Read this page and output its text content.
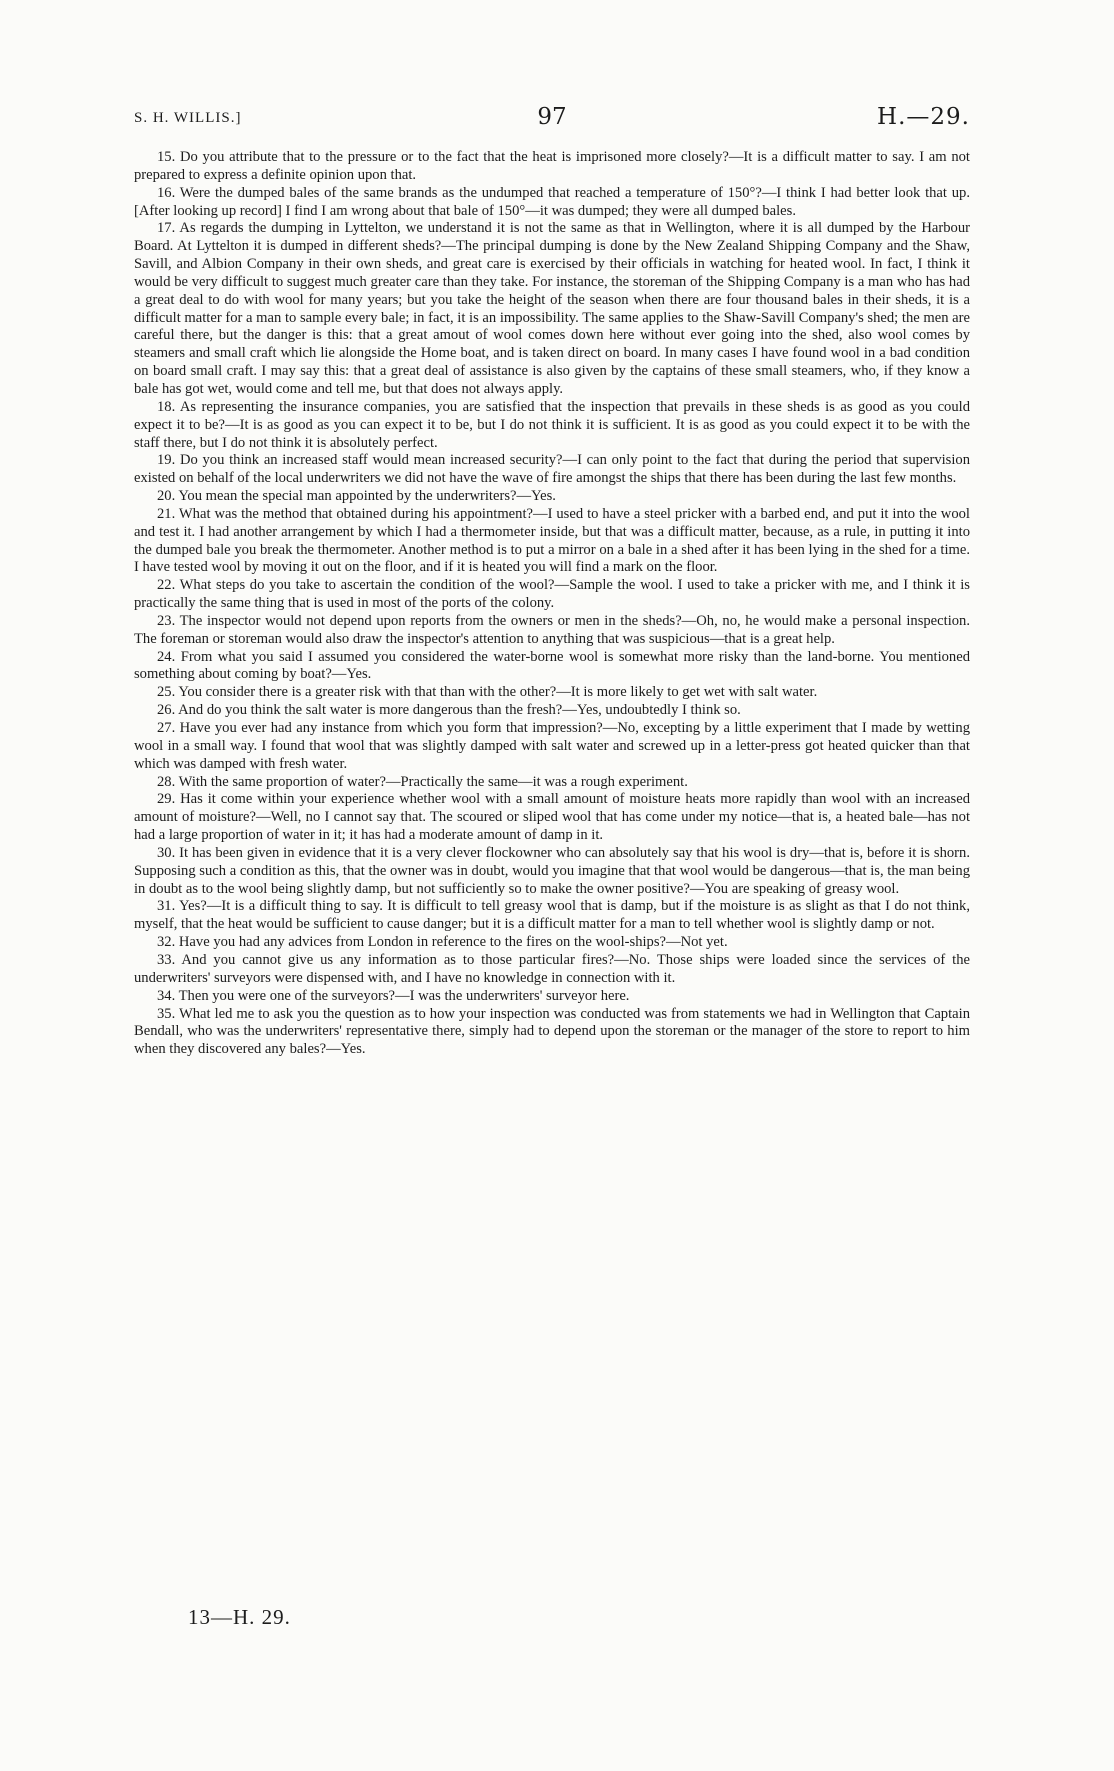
S. H. WILLIS.]	97	H.—29.

15. Do you attribute that to the pressure or to the fact that the heat is imprisoned more closely?—It is a difficult matter to say. I am not prepared to express a definite opinion upon that.

16. Were the dumped bales of the same brands as the undumped that reached a temperature of 150°?—I think I had better look that up. [After looking up record] I find I am wrong about that bale of 150°—it was dumped; they were all dumped bales.

17. As regards the dumping in Lyttelton, we understand it is not the same as that in Wellington, where it is all dumped by the Harbour Board. At Lyttelton it is dumped in different sheds?—The principal dumping is done by the New Zealand Shipping Company and the Shaw, Savill, and Albion Company in their own sheds, and great care is exercised by their officials in watching for heated wool. In fact, I think it would be very difficult to suggest much greater care than they take. For instance, the storeman of the Shipping Company is a man who has had a great deal to do with wool for many years; but you take the height of the season when there are four thousand bales in their sheds, it is a difficult matter for a man to sample every bale; in fact, it is an impossibility. The same applies to the Shaw-Savill Company's shed; the men are careful there, but the danger is this: that a great amout of wool comes down here without ever going into the shed, also wool comes by steamers and small craft which lie alongside the Home boat, and is taken direct on board. In many cases I have found wool in a bad condition on board small craft. I may say this: that a great deal of assistance is also given by the captains of these small steamers, who, if they know a bale has got wet, would come and tell me, but that does not always apply.

18. As representing the insurance companies, you are satisfied that the inspection that prevails in these sheds is as good as you could expect it to be?—It is as good as you can expect it to be, but I do not think it is sufficient. It is as good as you could expect it to be with the staff there, but I do not think it is absolutely perfect.

19. Do you think an increased staff would mean increased security?—I can only point to the fact that during the period that supervision existed on behalf of the local underwriters we did not have the wave of fire amongst the ships that there has been during the last few months.

20. You mean the special man appointed by the underwriters?—Yes.

21. What was the method that obtained during his appointment?—I used to have a steel pricker with a barbed end, and put it into the wool and test it. I had another arrangement by which I had a thermometer inside, but that was a difficult matter, because, as a rule, in putting it into the dumped bale you break the thermometer. Another method is to put a mirror on a bale in a shed after it has been lying in the shed for a time. I have tested wool by moving it out on the floor, and if it is heated you will find a mark on the floor.

22. What steps do you take to ascertain the condition of the wool?—Sample the wool. I used to take a pricker with me, and I think it is practically the same thing that is used in most of the ports of the colony.

23. The inspector would not depend upon reports from the owners or men in the sheds?—Oh, no, he would make a personal inspection. The foreman or storeman would also draw the inspector's attention to anything that was suspicious—that is a great help.

24. From what you said I assumed you considered the water-borne wool is somewhat more risky than the land-borne. You mentioned something about coming by boat?—Yes.

25. You consider there is a greater risk with that than with the other?—It is more likely to get wet with salt water.

26. And do you think the salt water is more dangerous than the fresh?—Yes, undoubtedly I think so.

27. Have you ever had any instance from which you form that impression?—No, excepting by a little experiment that I made by wetting wool in a small way. I found that wool that was slightly damped with salt water and screwed up in a letter-press got heated quicker than that which was damped with fresh water.

28. With the same proportion of water?—Practically the same—it was a rough experiment.

29. Has it come within your experience whether wool with a small amount of moisture heats more rapidly than wool with an increased amount of moisture?—Well, no I cannot say that. The scoured or sliped wool that has come under my notice—that is, a heated bale—has not had a large proportion of water in it; it has had a moderate amount of damp in it.

30. It has been given in evidence that it is a very clever flockowner who can absolutely say that his wool is dry—that is, before it is shorn. Supposing such a condition as this, that the owner was in doubt, would you imagine that that wool would be dangerous—that is, the man being in doubt as to the wool being slightly damp, but not sufficiently so to make the owner positive?—You are speaking of greasy wool.

31. Yes?—It is a difficult thing to say. It is difficult to tell greasy wool that is damp, but if the moisture is as slight as that I do not think, myself, that the heat would be sufficient to cause danger; but it is a difficult matter for a man to tell whether wool is slightly damp or not.

32. Have you had any advices from London in reference to the fires on the wool-ships?—Not yet.

33. And you cannot give us any information as to those particular fires?—No. Those ships were loaded since the services of the underwriters' surveyors were dispensed with, and I have no knowledge in connection with it.

34. Then you were one of the surveyors?—I was the underwriters' surveyor here.

35. What led me to ask you the question as to how your inspection was conducted was from statements we had in Wellington that Captain Bendall, who was the underwriters' representative there, simply had to depend upon the storeman or the manager of the store to report to him when they discovered any bales?—Yes.

13—H. 29.
